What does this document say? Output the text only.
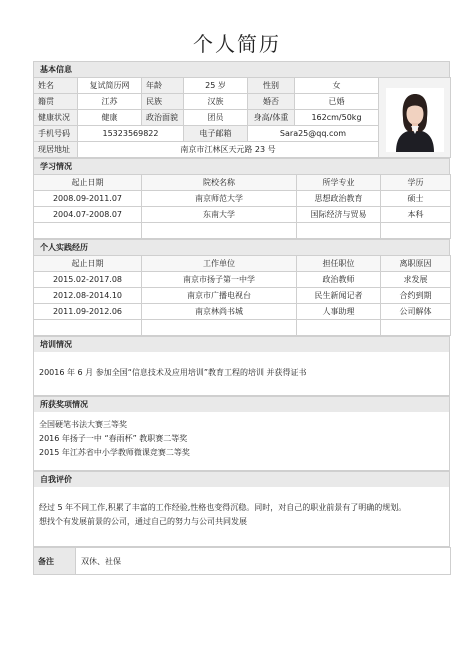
个人简历
基本信息
姓名	复试简历网	年龄	25 岁	性别	女	

籍贯	江苏	民族	汉族	婚否	已婚	
健康状况	健康	政治面貌	团员	身高/体重	162cm/50kg	
手机号码	15323569822		电子邮箱	Sara25@qq.com		
现居地址	南京市江林区天元路 23 号					
学习情况
起止日期	院校名称	所学专业	学历
2008.09-2011.07	南京师范大学	思想政治教育	硕士
2004.07-2008.07	东南大学	国际经济与贸易	本科

个人实践经历
起止日期	工作单位	担任职位	离职原因
2015.02-2017.08	南京市扬子第一中学	政治教师	求发展
2012.08-2014.10	南京市广播电视台	民生新闻记者	合约到期
2011.09-2012.06	南京林尚书城	人事助理	公司解体

培训情况
20016 年 6 月 参加全国“信息技术及应用培训”教育工程的培训 并获得证书
所获奖项情况
全国硬笔书法大赛三等奖
2016 年扬子一中 “春雨杯” 教职赛二等奖
2015 年江苏省中小学教师微课竞赛二等奖
自我评价
经过 5 年不同工作,积累了丰富的工作经验,性格也变得沉稳。同时，对自己的职业前景有了明确的规划。
想找个有发展前景的公司，通过自己的努力与公司共同发展
备注	双休、社保
